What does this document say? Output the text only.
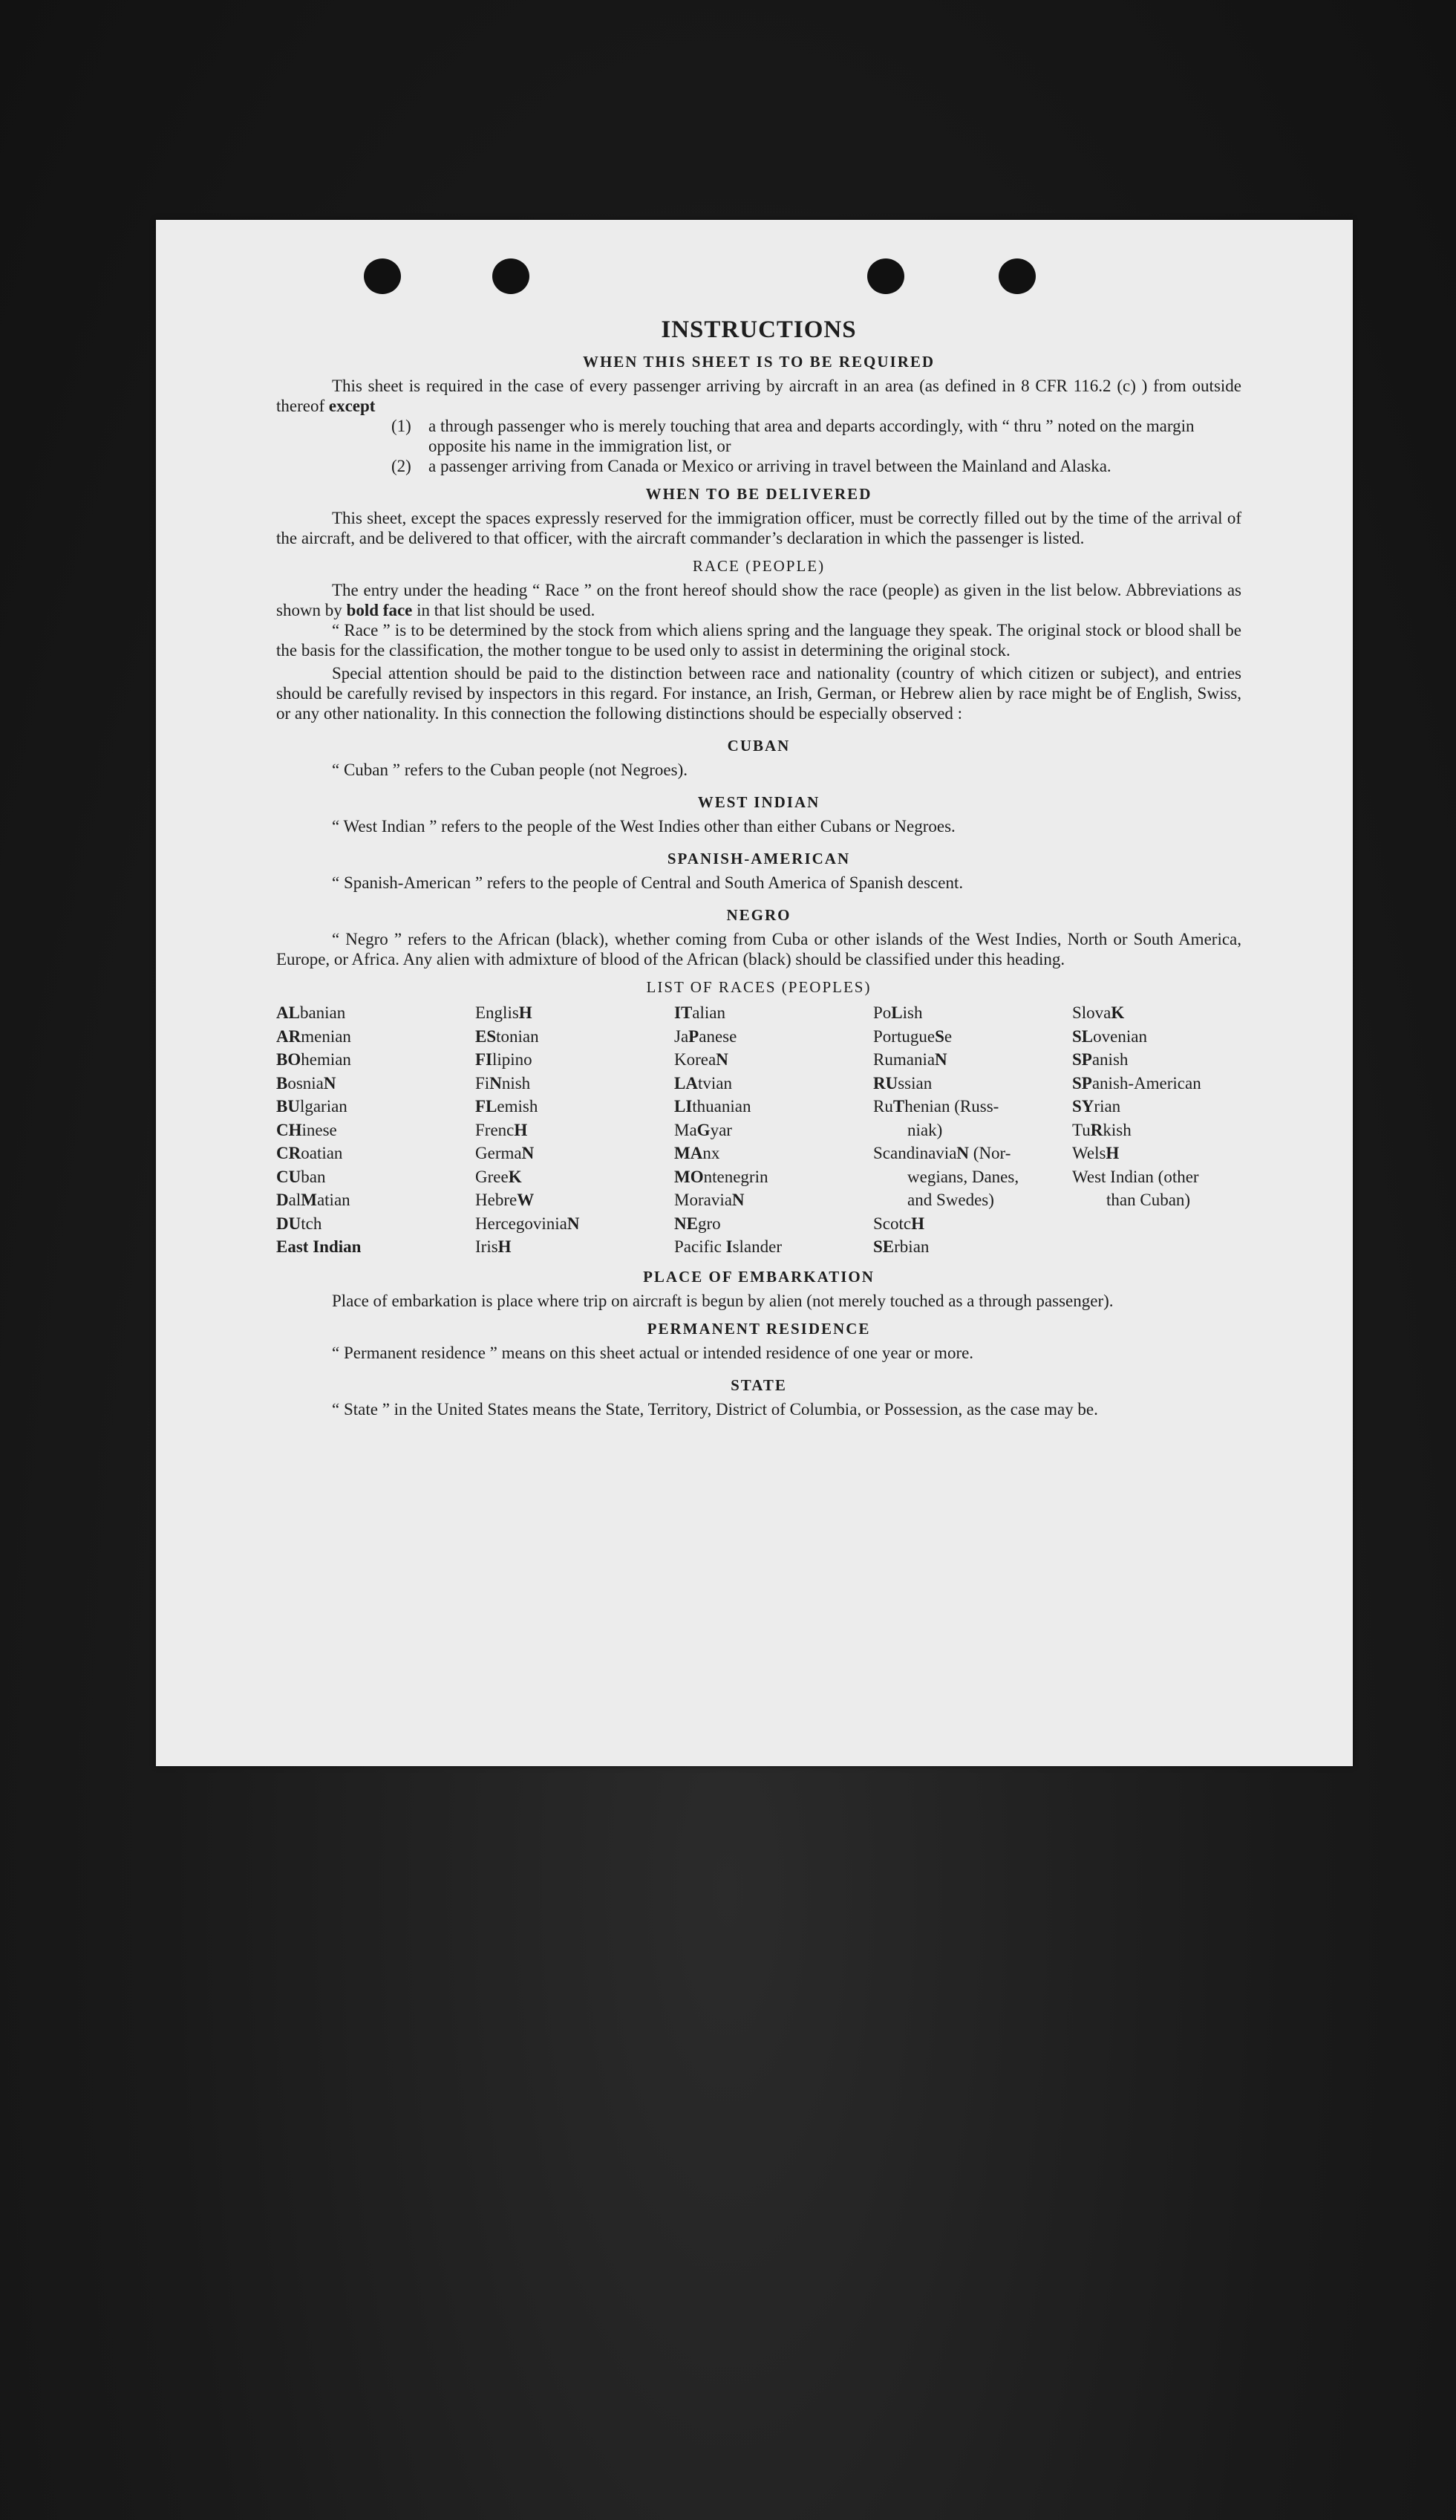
INSTRUCTIONS
WHEN THIS SHEET IS TO BE REQUIRED

This sheet is required in the case of every passenger arriving by aircraft in an area (as defined in 8 CFR 116.2 (c) ) from outside thereof except

(1)	a through passenger who is merely touching that area and departs accordingly, with “ thru ” noted on the margin opposite his name in the immigration list, or
(2)	a passenger arriving from Canada or Mexico or arriving in travel between the Mainland and Alaska.
WHEN TO BE DELIVERED

This sheet, except the spaces expressly reserved for the immigration officer, must be correctly filled out by the time of the arrival of the aircraft, and be delivered to that officer, with the aircraft commander’s declaration in which the passenger is listed.

RACE (PEOPLE)

The entry under the heading “ Race ” on the front hereof should show the race (people) as given in the list below. Abbreviations as shown by bold face in that list should be used.

“ Race ” is to be determined by the stock from which aliens spring and the language they speak. The original stock or blood shall be the basis for the classification, the mother tongue to be used only to assist in determining the original stock.

Special attention should be paid to the distinction between race and nationality (country of which citizen or subject), and entries should be carefully revised by inspectors in this regard. For instance, an Irish, German, or Hebrew alien by race might be of English, Swiss, or any other nationality. In this connection the following distinctions should be especially observed :

CUBAN

“ Cuban ” refers to the Cuban people (not Negroes).

WEST INDIAN

“ West Indian ” refers to the people of the West Indies other than either Cubans or Negroes.

SPANISH-AMERICAN

“ Spanish-American ” refers to the people of Central and South America of Spanish descent.

NEGRO

“ Negro ” refers to the African (black), whether coming from Cuba or other islands of the West Indies, North or South America, Europe, or Africa. Any alien with admixture of blood of the African (black) should be classified under this heading.

LIST OF RACES (PEOPLES)
ALbanian
ARmenian
BOhemian
BosniaN
BUlgarian
CHinese
CRoatian
CUban
DalMatian
DUtch
East Indian
EnglisH
EStonian
FIlipino
FiNnish
FLemish
FrencH
GermaN
GreeK
HebreW
HercegoviniaN
IrisH
ITalian
JaPanese
KoreaN
LAtvian
LIthuanian
MaGyar
MAnx
MOntenegrin
MoraviaN
NEgro
Pacific Islander
PoLish
PortugueSe
RumaniaN
RUssian
RuThenian (Russ-
  niak)
ScandinaviaN (Nor-
  wegians, Danes,
  and Swedes)
ScotcH
SErbian
SlovaK
SLovenian
SPanish
SPanish-American
SYrian
TuRkish
WelsH
West Indian (other
  than Cuban)
PLACE OF EMBARKATION

Place of embarkation is place where trip on aircraft is begun by alien (not merely touched as a through passenger).

PERMANENT RESIDENCE

“ Permanent residence ” means on this sheet actual or intended residence of one year or more.

STATE

“ State ” in the United States means the State, Territory, District of Columbia, or Possession, as the case may be.
